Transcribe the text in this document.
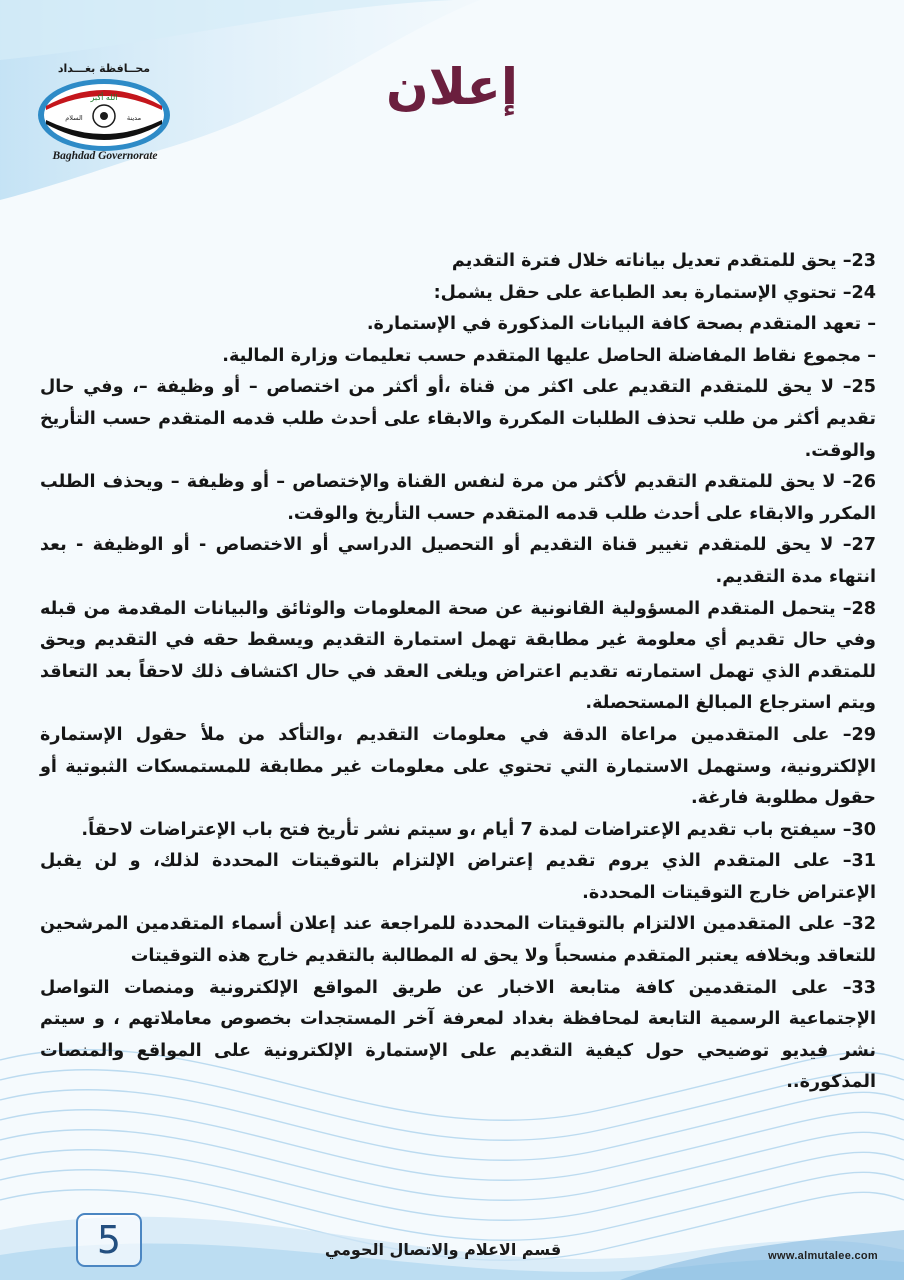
محــافظة بغـــداد
الله أكبر
السلام	مدينة
Baghdad Governorate
إعلان

23– يحق للمتقدم تعديل بياناته خلال فترة التقديم

24– تحتوي الإستمارة بعد الطباعة على حقل يشمل:

– تعهد المتقدم بصحة كافة البيانات المذكورة في الإستمارة.

– مجموع نقاط المفاضلة الحاصل عليها المتقدم حسب تعليمات وزارة المالية.

25– لا يحق للمتقدم التقديم على اكثر من قناة ،أو أكثر من اختصاص – أو وظيفة –، وفي حال تقديم أكثر من طلب تحذف الطلبات المكررة والابقاء على أحدث طلب قدمه المتقدم حسب التأريخ والوقت.

26– لا يحق للمتقدم التقديم لأكثر من مرة لنفس القناة والإختصاص – أو وظيفة – ويحذف الطلب المكرر والابقاء على أحدث طلب قدمه المتقدم حسب التأريخ والوقت.

27– لا يحق للمتقدم تغيير قناة التقديم أو التحصيل الدراسي أو الاختصاص - أو الوظيفة - بعد انتهاء مدة التقديم.

28– يتحمل المتقدم المسؤولية القانونية عن صحة المعلومات والوثائق والبيانات المقدمة من قبله وفي حال تقديم أي معلومة غير مطابقة تهمل استمارة التقديم ويسقط حقه في التقديم ويحق للمتقدم الذي تهمل استمارته تقديم اعتراض ويلغى العقد في حال اكتشاف ذلك لاحقاً بعد التعاقد ويتم استرجاع المبالغ المستحصلة.

29– على المتقدمين مراعاة الدقة في معلومات التقديم ،والتأكد من ملأ حقول الإستمارة الإلكترونية، وستهمل الاستمارة التي تحتوي على معلومات غير مطابقة للمستمسكات الثبوتية أو حقول مطلوبة فارغة.

30– سيفتح باب تقديم الإعتراضات لمدة 7 أيام ،و سيتم نشر تأريخ فتح باب الإعتراضات لاحقاً.

31– على المتقدم الذي يروم تقديم إعتراض الإلتزام بالتوقيتات المحددة لذلك، و لن يقبل الإعتراض خارج التوقيتات المحددة.

32– على المتقدمين الالتزام بالتوقيتات المحددة للمراجعة عند إعلان أسماء المتقدمين المرشحين للتعاقد وبخلافه يعتبر المتقدم منسحباً ولا يحق له المطالبة بالتقديم خارج هذه التوقيتات

33– على المتقدمين كافة متابعة الاخبار عن طريق المواقع الإلكترونية ومنصات التواصل الإجتماعية الرسمية التابعة لمحافظة بغداد لمعرفة آخر المستجدات بخصوص معاملاتهم ، و سيتم نشر فيديو توضيحي حول كيفية التقديم على الإستمارة الإلكترونية على المواقع والمنصات المذكورة..

5	قسم الاعلام والاتصال الحومي	www.almutalee.com
